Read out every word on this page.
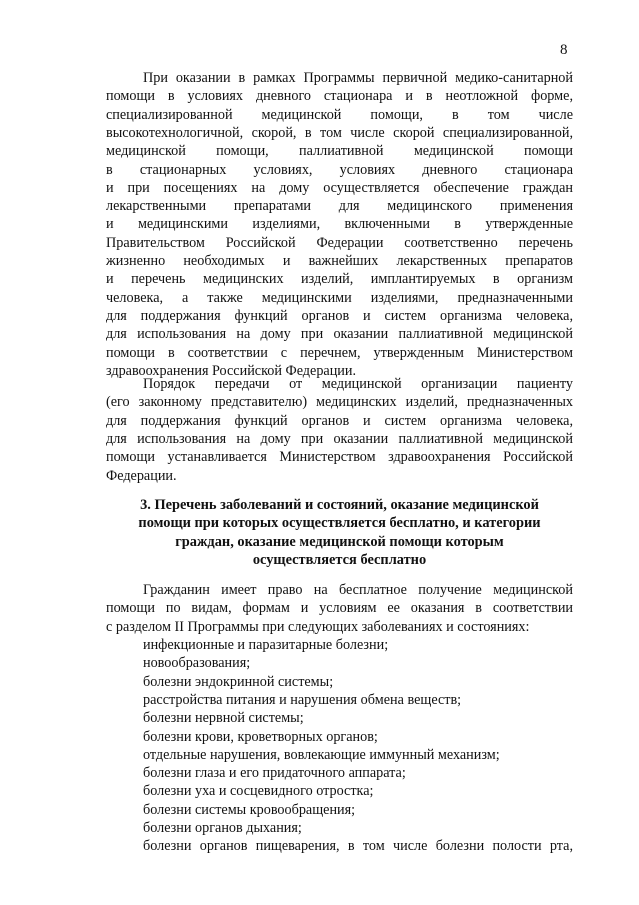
8
При оказании в рамках Программы первичной медико-санитарной
помощи в условиях дневного стационара и в неотложной форме,
специализированной медицинской помощи, в том числе
высокотехнологичной, скорой, в том числе скорой специализированной,
медицинской помощи, паллиативной медицинской помощи
в стационарных условиях, условиях дневного стационара
и при посещениях на дому осуществляется обеспечение граждан
лекарственными препаратами для медицинского применения
и медицинскими изделиями, включенными в утвержденные
Правительством Российской Федерации соответственно перечень
жизненно необходимых и важнейших лекарственных препаратов
и перечень медицинских изделий, имплантируемых в организм
человека, а также медицинскими изделиями, предназначенными
для поддержания функций органов и систем организма человека,
для использования на дому при оказании паллиативной медицинской
помощи в соответствии с перечнем, утвержденным Министерством
здравоохранения Российской Федерации.
Порядок передачи от медицинской организации пациенту
(его законному представителю) медицинских изделий, предназначенных
для поддержания функций органов и систем организма человека,
для использования на дому при оказании паллиативной медицинской
помощи устанавливается Министерством здравоохранения Российской
Федерации.
3. Перечень заболеваний и состояний, оказание медицинской
помощи при которых осуществляется бесплатно, и категории
граждан, оказание медицинской помощи которым
осуществляется бесплатно
Гражданин имеет право на бесплатное получение медицинской
помощи по видам, формам и условиям ее оказания в соответствии
с разделом II Программы при следующих заболеваниях и состояниях:
инфекционные и паразитарные болезни;
новообразования;
болезни эндокринной системы;
расстройства питания и нарушения обмена веществ;
болезни нервной системы;
болезни крови, кроветворных органов;
отдельные нарушения, вовлекающие иммунный механизм;
болезни глаза и его придаточного аппарата;
болезни уха и сосцевидного отростка;
болезни системы кровообращения;
болезни органов дыхания;
болезни органов пищеварения, в том числе болезни полости рта,
